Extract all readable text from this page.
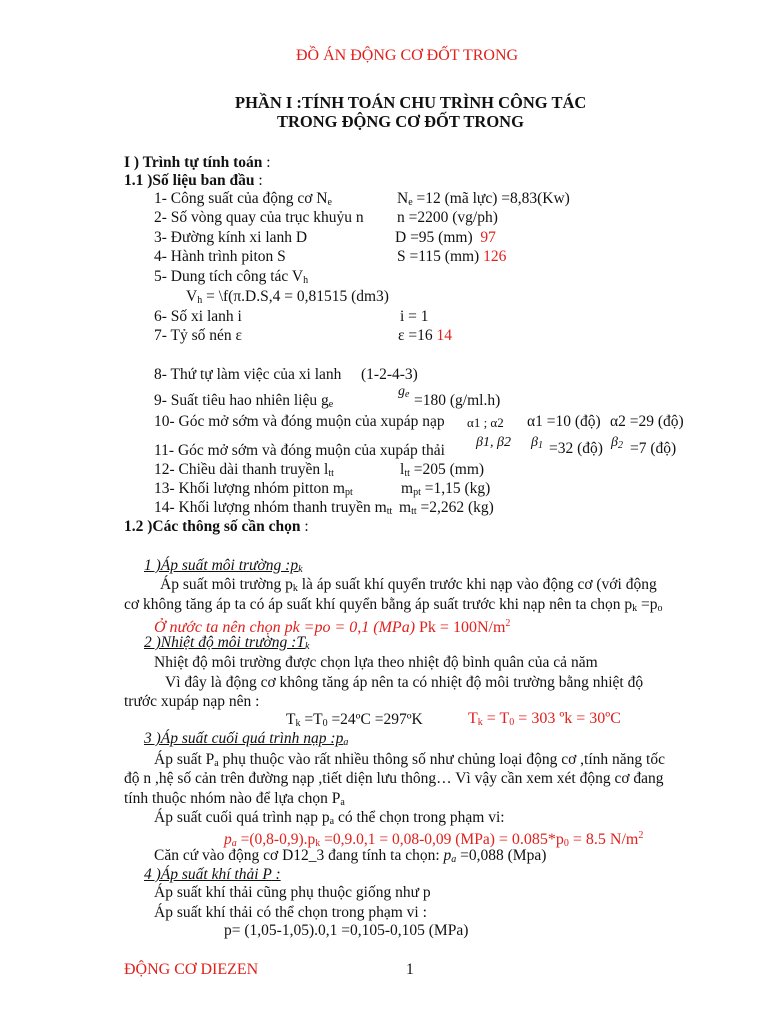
ĐỒ ÁN ĐỘNG CƠ ĐỐT TRONG
PHẦN I :TÍNH TOÁN CHU TRÌNH CÔNG TÁC
TRONG ĐỘNG CƠ ĐỐT TRONG
I ) Trình tự tính toán :
1.1 )Số liệu ban đầu :
1- Công suất của động cơ $N_e$	$N_e =12$ (mã lực) =8,83(Kw)
2- Số vòng quay của trục khuỷu n n =2200 (vg/ph)
3- Đường kính xi lanh D	D =95 (mm) 97
4- Hành trình piton S	S =115 (mm) 126
5- Dung tích công tác $V_h$
$V_h$ = \f(π.D.S,4 = 0,81515 (dm3)
6- Số xi lanh i	i = 1
7- Tỷ số nén ε	ε =16 14
8- Thứ tự làm việc của xi lanh (1-2-4-3)
9- Suất tiêu hao nhiên liệu $g_e$
$g_e =180$ (g/ml.h)
10- Góc mở sớm và đóng muộn của xupáp nạp α1 ; α2 α1 =10 (độ) α2 =29 (độ)
11- Góc mở sớm và đóng muộn của xupáp thải β1, β2 $\beta_1 =32$ (độ) $\beta_2 =7$ (độ)
12- Chiều dài thanh truyền $l_{tt}$	$l_{tt} =205$ (mm)
13- Khối lượng nhóm pitton $m_{pt}$	$m_{pt} =1,15$ (kg)
14- Khối lượng nhóm thanh truyền $m_{tt}$ $m_{tt} =2,262$ (kg)
1.2 )Các thông số cần chọn :
1 )Áp suất môi trường $:p_k$
Áp suất môi trường $p_k$ là áp suất khí quyển trước khi nạp vào động cơ (với động
cơ không tăng áp ta có áp suất khí quyển bằng áp suất trước khi nạp nên ta chọn $p_k =p_o$
Ở nước ta nên chọn pk =po = 0,1 (MPa) $Pk = 100N/m^2$
2 )Nhiệt độ môi trường $:T_k$
Nhiệt độ môi trường được chọn lựa theo nhiệt độ bình quân của cả năm
Vì đây là động cơ không tăng áp nên ta có nhiệt độ môi trường bằng nhiệt độ
trước xupáp nạp nên :
$T_k =T_0$ =24ºC =297ºK	$T_k = T_0 = 303$ ºk = 30ºC
3 )Áp suất cuối quá trình nạp $:p_a$
Áp suất $P_a$ phụ thuộc vào rất nhiều thông số như chủng loại động cơ ,tính năng tốc
độ n ,hệ số cản trên đường nạp ,tiết diện lưu thông… Vì vậy cần xem xét động cơ đang
tính thuộc nhóm nào để lựa chọn $P_a$
Áp suất cuối quá trình nạp $p_a$ có thể chọn trong phạm vi:
$p_a =(0,8-0,9).p_k =0,9.0,1 = 0,08-0,09$ $(MPa) = 0.085*p_0 = 8.5$ $N/m^2$
Căn cứ vào động cơ D12_3 đang tính ta chọn: $p_a =0,088$ (Mpa)
4 )Áp suất khí thải P :
Áp suất khí thải cũng phụ thuộc giống như p
Áp suất khí thải có thể chọn trong phạm vi :
p= (1,05-1,05).0,1 =0,105-0,105 (MPa)
ĐỘNG CƠ DIEZEN	1
